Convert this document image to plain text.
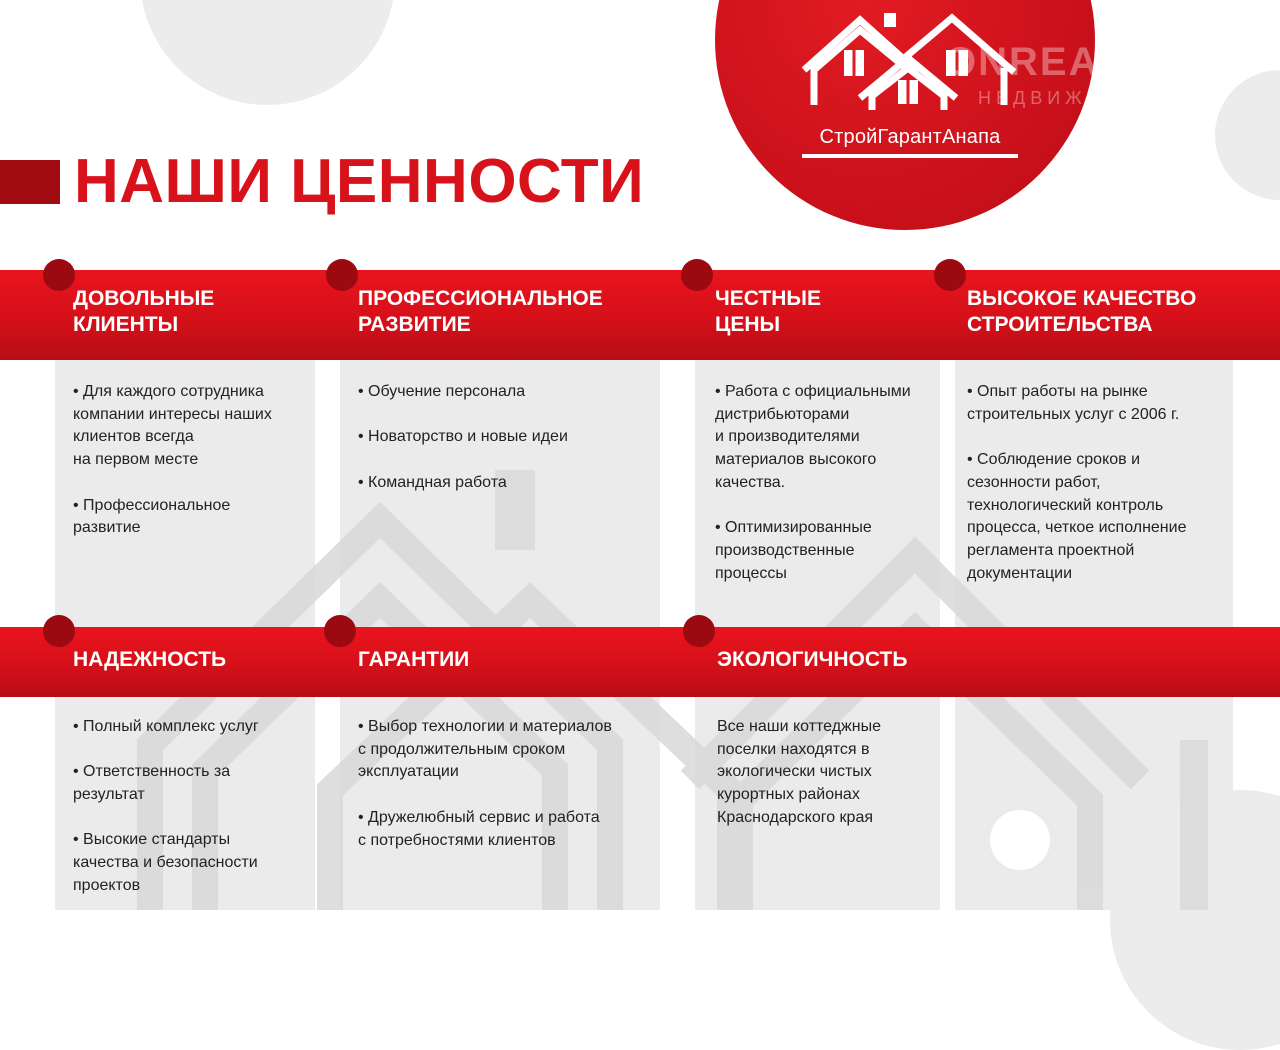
СтройГарантАнапа
ONREALT
НЕДВИЖИМОСТЬ
НАШИ ЦЕННОСТИ
ДОВОЛЬНЫЕ
КЛИЕНТЫ
ПРОФЕССИОНАЛЬНОЕ
РАЗВИТИЕ
ЧЕСТНЫЕ
ЦЕНЫ
ВЫСОКОЕ КАЧЕСТВО
СТРОИТЕЛЬСТВА
НАДЕЖНОСТЬ	ГАРАНТИИ	ЭКОЛОГИЧНОСТЬ
• Для каждого сотрудника
компании интересы наших
клиентов всегда
на первом месте
• Профессиональное
развитие
• Обучение персонала
• Новаторство и новые идеи
• Командная работа
• Работа с официальными
дистрибьюторами
и производителями
материалов высокого
качества.
• Оптимизированные
производственные
процессы
• Опыт работы на рынке
строительных услуг с 2006 г.
• Соблюдение сроков и
сезонности работ,
технологический контроль
процесса, четкое исполнение
регламента проектной
документации
• Полный комплекс услуг
• Ответственность за
результат
• Высокие стандарты
качества и безопасности
проектов
• Выбор технологии и материалов
с продолжительным сроком
эксплуатации
• Дружелюбный сервис и работа
с потребностями клиентов

Все наши коттеджные
поселки находятся в
экологически чистых
курортных районах
Краснодарского края
